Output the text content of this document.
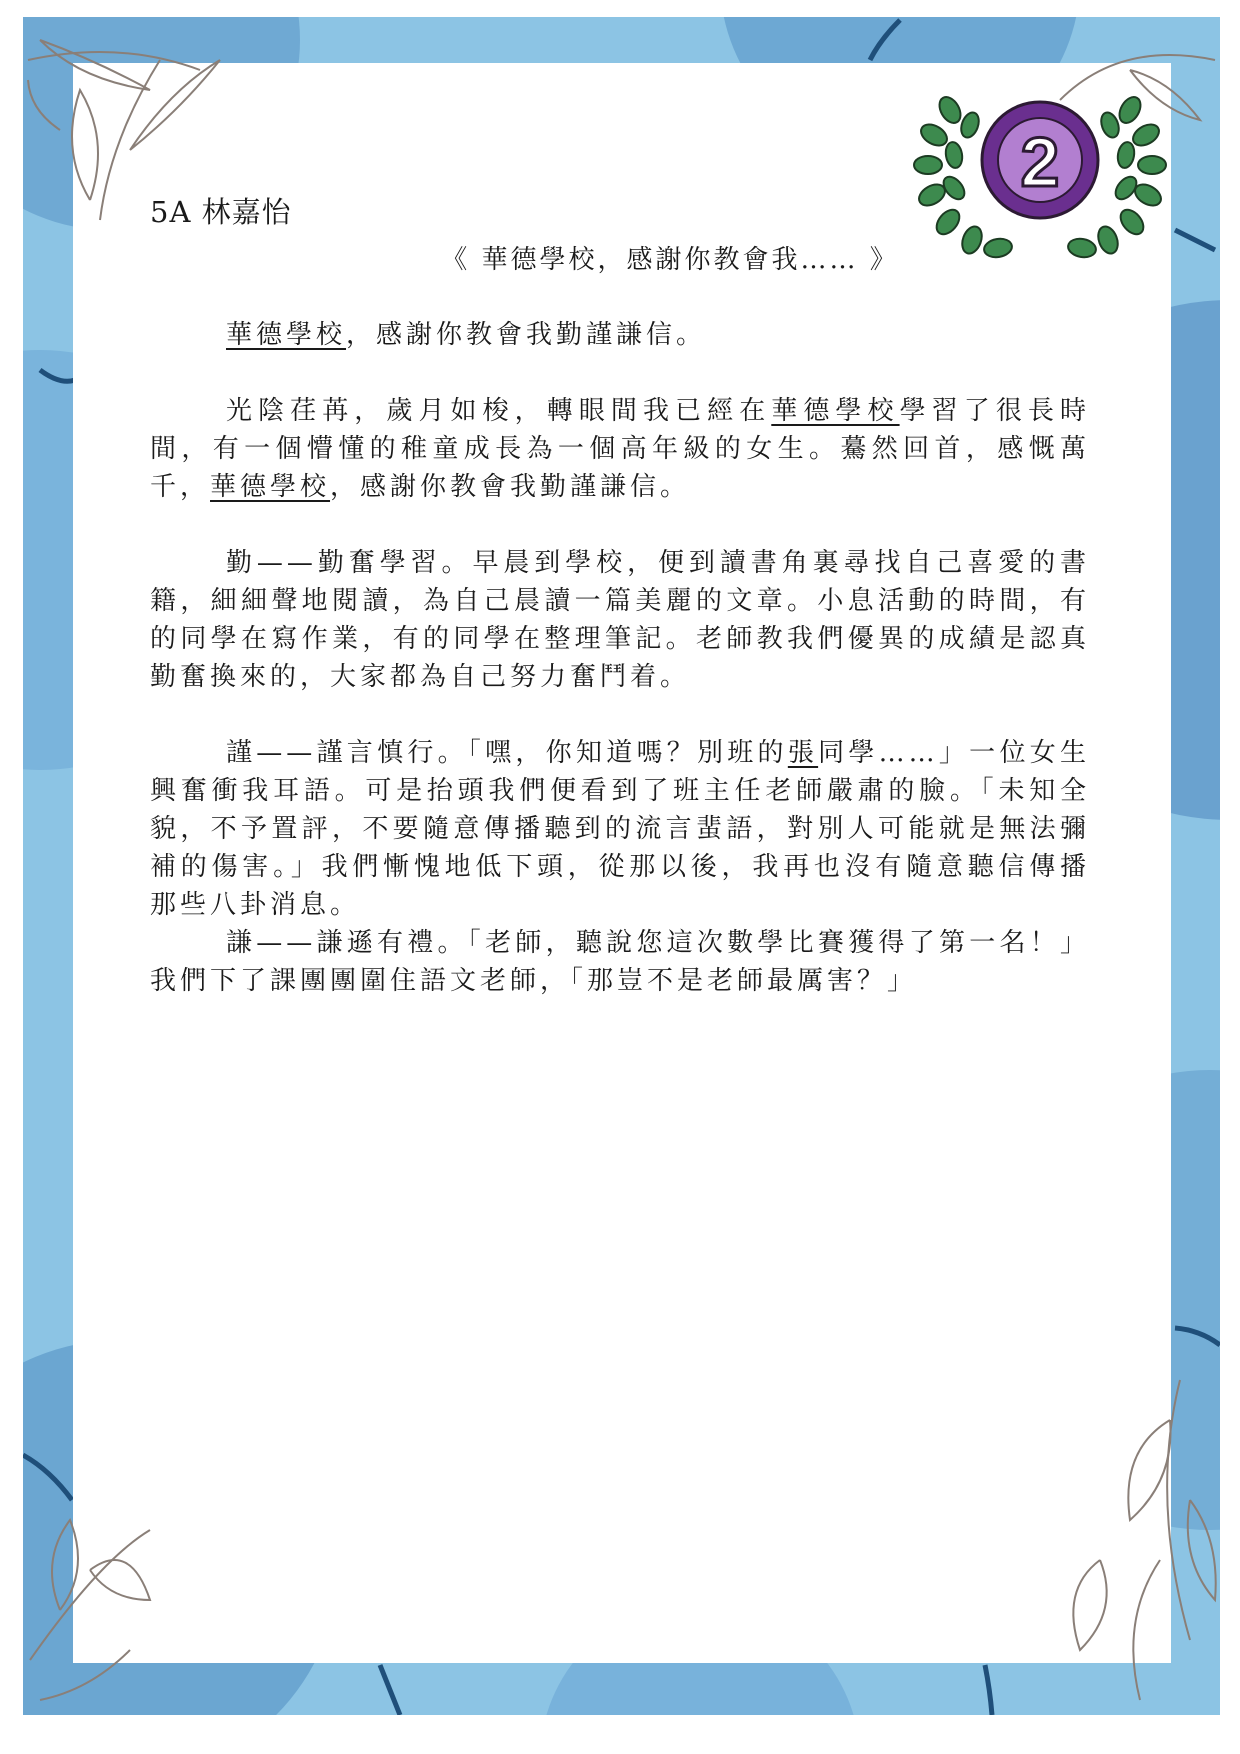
2

5A 林嘉怡

《 華德學校，感謝你教會我…… 》

華德學校，感謝你教會我勤謹謙信。

光陰荏苒，歲月如梭，轉眼間我已經在華德學校學習了很長時間，有一個懵懂的稚童成長為一個高年級的女生。驀然回首，感慨萬千，華德學校，感謝你教會我勤謹謙信。

勤——勤奮學習。早晨到學校，便到讀書角裏尋找自己喜愛的書籍，細細聲地閱讀，為自己晨讀一篇美麗的文章。小息活動的時間，有的同學在寫作業，有的同學在整理筆記。老師教我們優異的成績是認真勤奮換來的，大家都為自己努力奮鬥着。

謹——謹言慎行。「嘿，你知道嗎？別班的張同學……」一位女生興奮衝我耳語。可是抬頭我們便看到了班主任老師嚴肅的臉。「未知全貌，不予置評，不要隨意傳播聽到的流言蜚語，對別人可能就是無法彌補的傷害。」我們慚愧地低下頭，從那以後，我再也沒有隨意聽信傳播那些八卦消息。

謙——謙遜有禮。「老師，聽說您這次數學比賽獲得了第一名！」我們下了課團團圍住語文老師，「那豈不是老師最厲害？」
